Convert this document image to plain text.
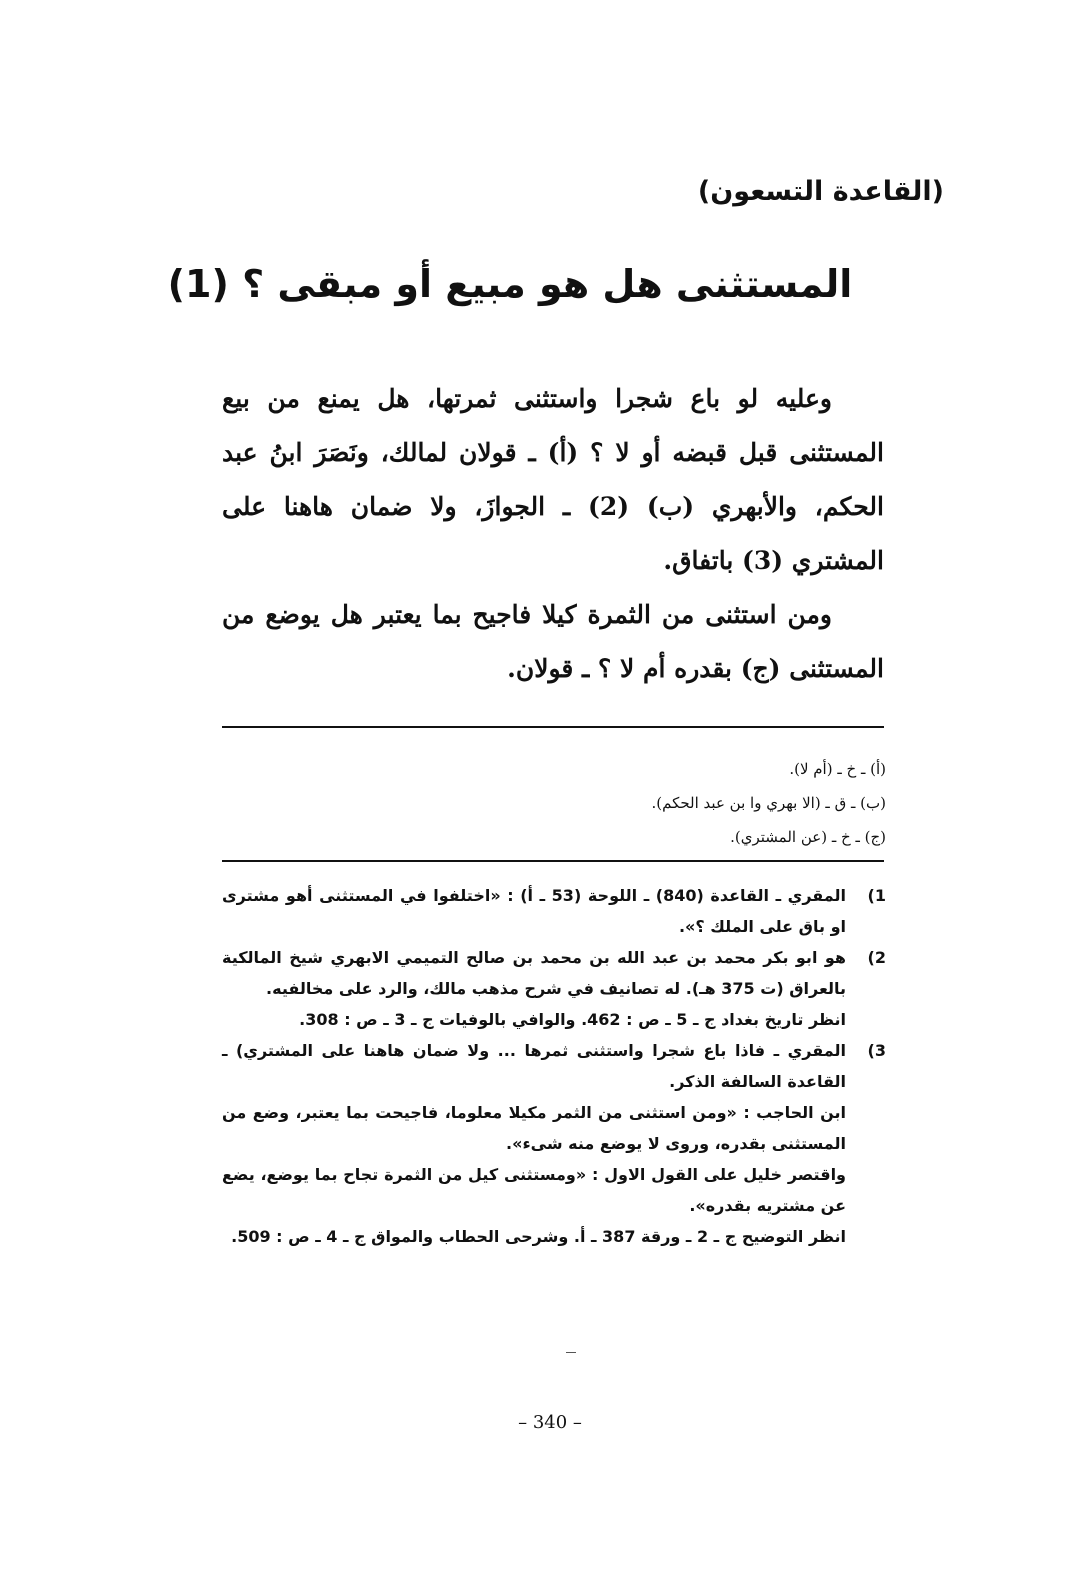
(القاعدة التسعون)
المستثنى هل هو مبيع أو مبقى ؟ (1)

وعليه لو باع شجرا واستثنى ثمرتها، هل يمنع من بيع المستثنى قبل قبضه أو لا ؟ (أ) ـ قولان لمالك، ونَصَرَ ابنُ عبد الحكم، والأبهري (ب) (2) ـ الجوازَ، ولا ضمان هاهنا على المشتري (3) باتفاق.

ومن استثنى من الثمرة كيلا فاجيح بما يعتبر هل يوضع من المستثنى (ج) بقدره أم لا ؟ ـ قولان.

(أ) ـ خ ـ (أم لا).
(ب) ـ ق ـ (الا بهري وا بن عبد الحكم).
(ج) ـ خ ـ (عن المشتري).
1)

المقري ـ القاعدة (840) ـ اللوحة (53 ـ أ) : «اختلفوا في المستثنى أهو مشترى او باق على الملك ؟».

2)

هو ابو بكر محمد بن عبد الله بن محمد بن صالح التميمي الابهري شيخ المالكية بالعراق (ت 375 هـ). له تصانيف في شرح مذهب مالك، والرد على مخالفيه.

انظر تاريخ بغداد ج ـ 5 ـ ص : 462. والوافي بالوفيات ج ـ 3 ـ ص : 308.

3)

المقري ـ فاذا باع شجرا واستثنى ثمرها ... ولا ضمان هاهنا على المشتري) ـ القاعدة السالفة الذكر.

ابن الحاجب : «ومن استثنى من الثمر مكيلا معلوما، فاجيحت بما يعتبر، وضع من المستثنى بقدره، وروى لا يوضع منه شىء».

واقتصر خليل على القول الاول : «ومستثنى كيل من الثمرة تجاح بما يوضع، يضع عن مشتريه بقدره».

انظر التوضيح ج ـ 2 ـ ورقة 387 ـ أ. وشرحى الحطاب والمواق ج ـ 4 ـ ص : 509.

– 340 –
